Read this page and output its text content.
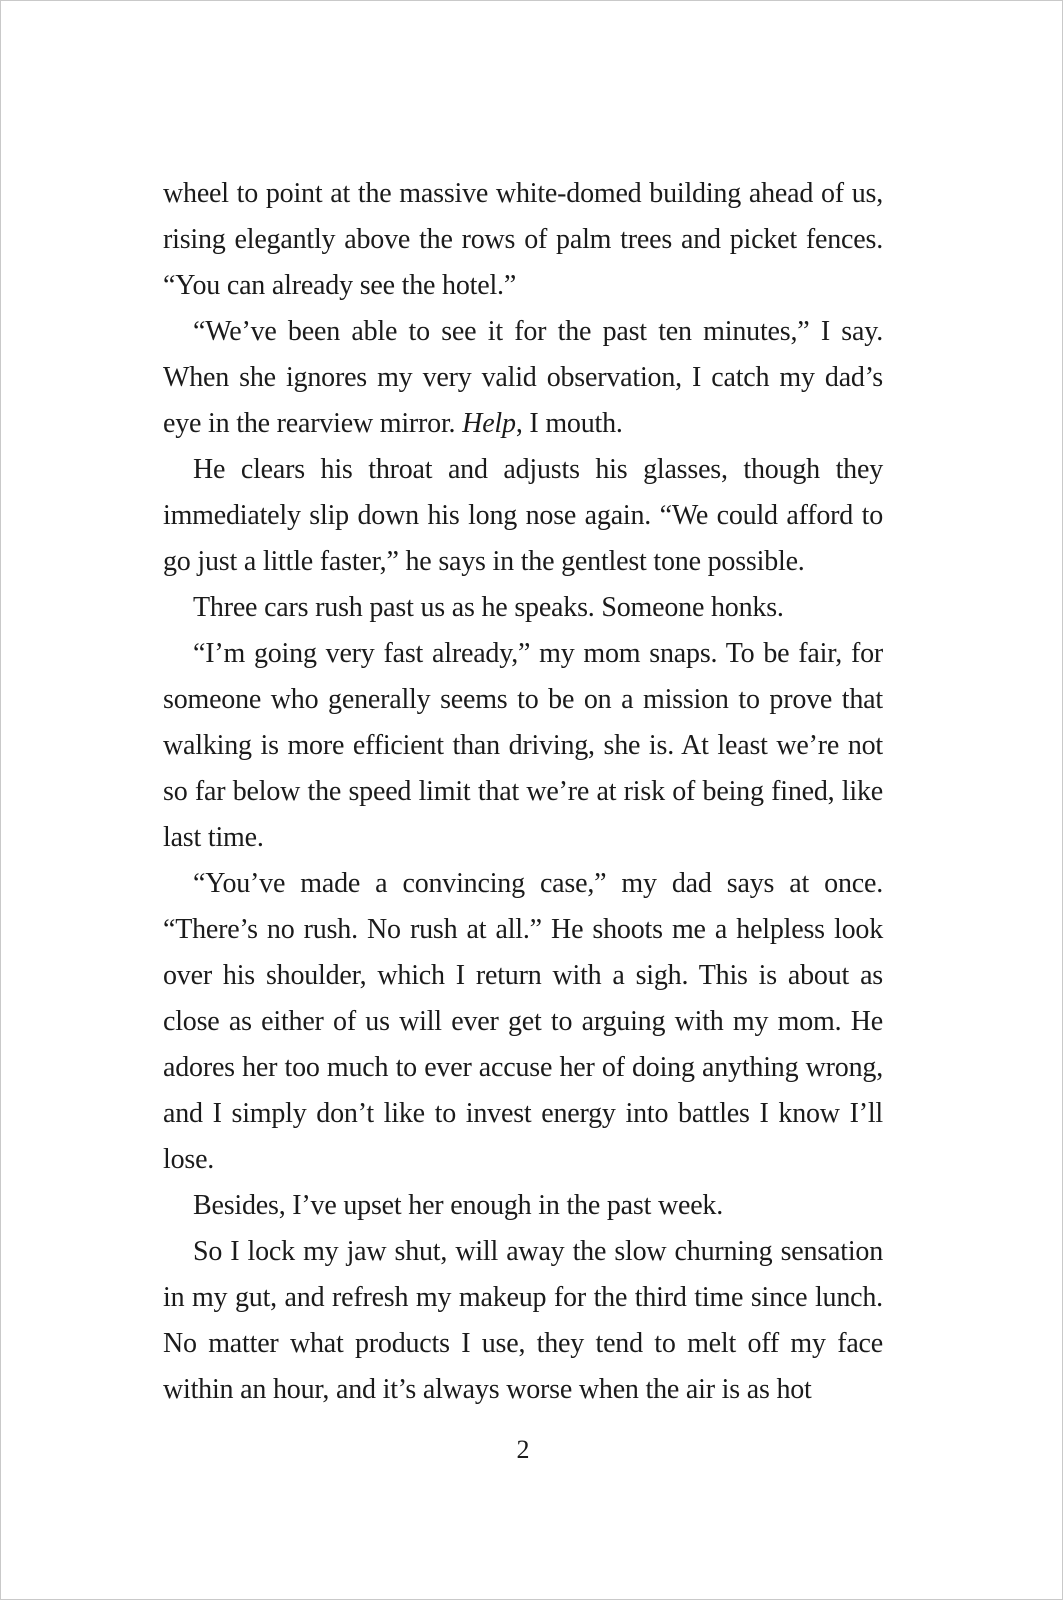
wheel to point at the massive white-domed building ahead of us, rising elegantly above the rows of palm trees and picket fences. “You can already see the hotel.”

“We’ve been able to see it for the past ten minutes,” I say. When she ignores my very valid observation, I catch my dad’s eye in the rearview mirror. Help, I mouth.

He clears his throat and adjusts his glasses, though they immediately slip down his long nose again. “We could afford to go just a little faster,” he says in the gentlest tone possible.

Three cars rush past us as he speaks. Someone honks.

“I’m going very fast already,” my mom snaps. To be fair, for someone who generally seems to be on a mission to prove that walking is more efficient than driving, she is. At least we’re not so far below the speed limit that we’re at risk of being fined, like last time.

“You’ve made a convincing case,” my dad says at once. “There’s no rush. No rush at all.” He shoots me a helpless look over his shoulder, which I return with a sigh. This is about as close as either of us will ever get to arguing with my mom. He adores her too much to ever accuse her of doing anything wrong, and I simply don’t like to invest energy into battles I know I’ll lose.

Besides, I’ve upset her enough in the past week.

So I lock my jaw shut, will away the slow churning sensation in my gut, and refresh my makeup for the third time since lunch. No matter what products I use, they tend to melt off my face within an hour, and it’s always worse when the air is as hot

2
